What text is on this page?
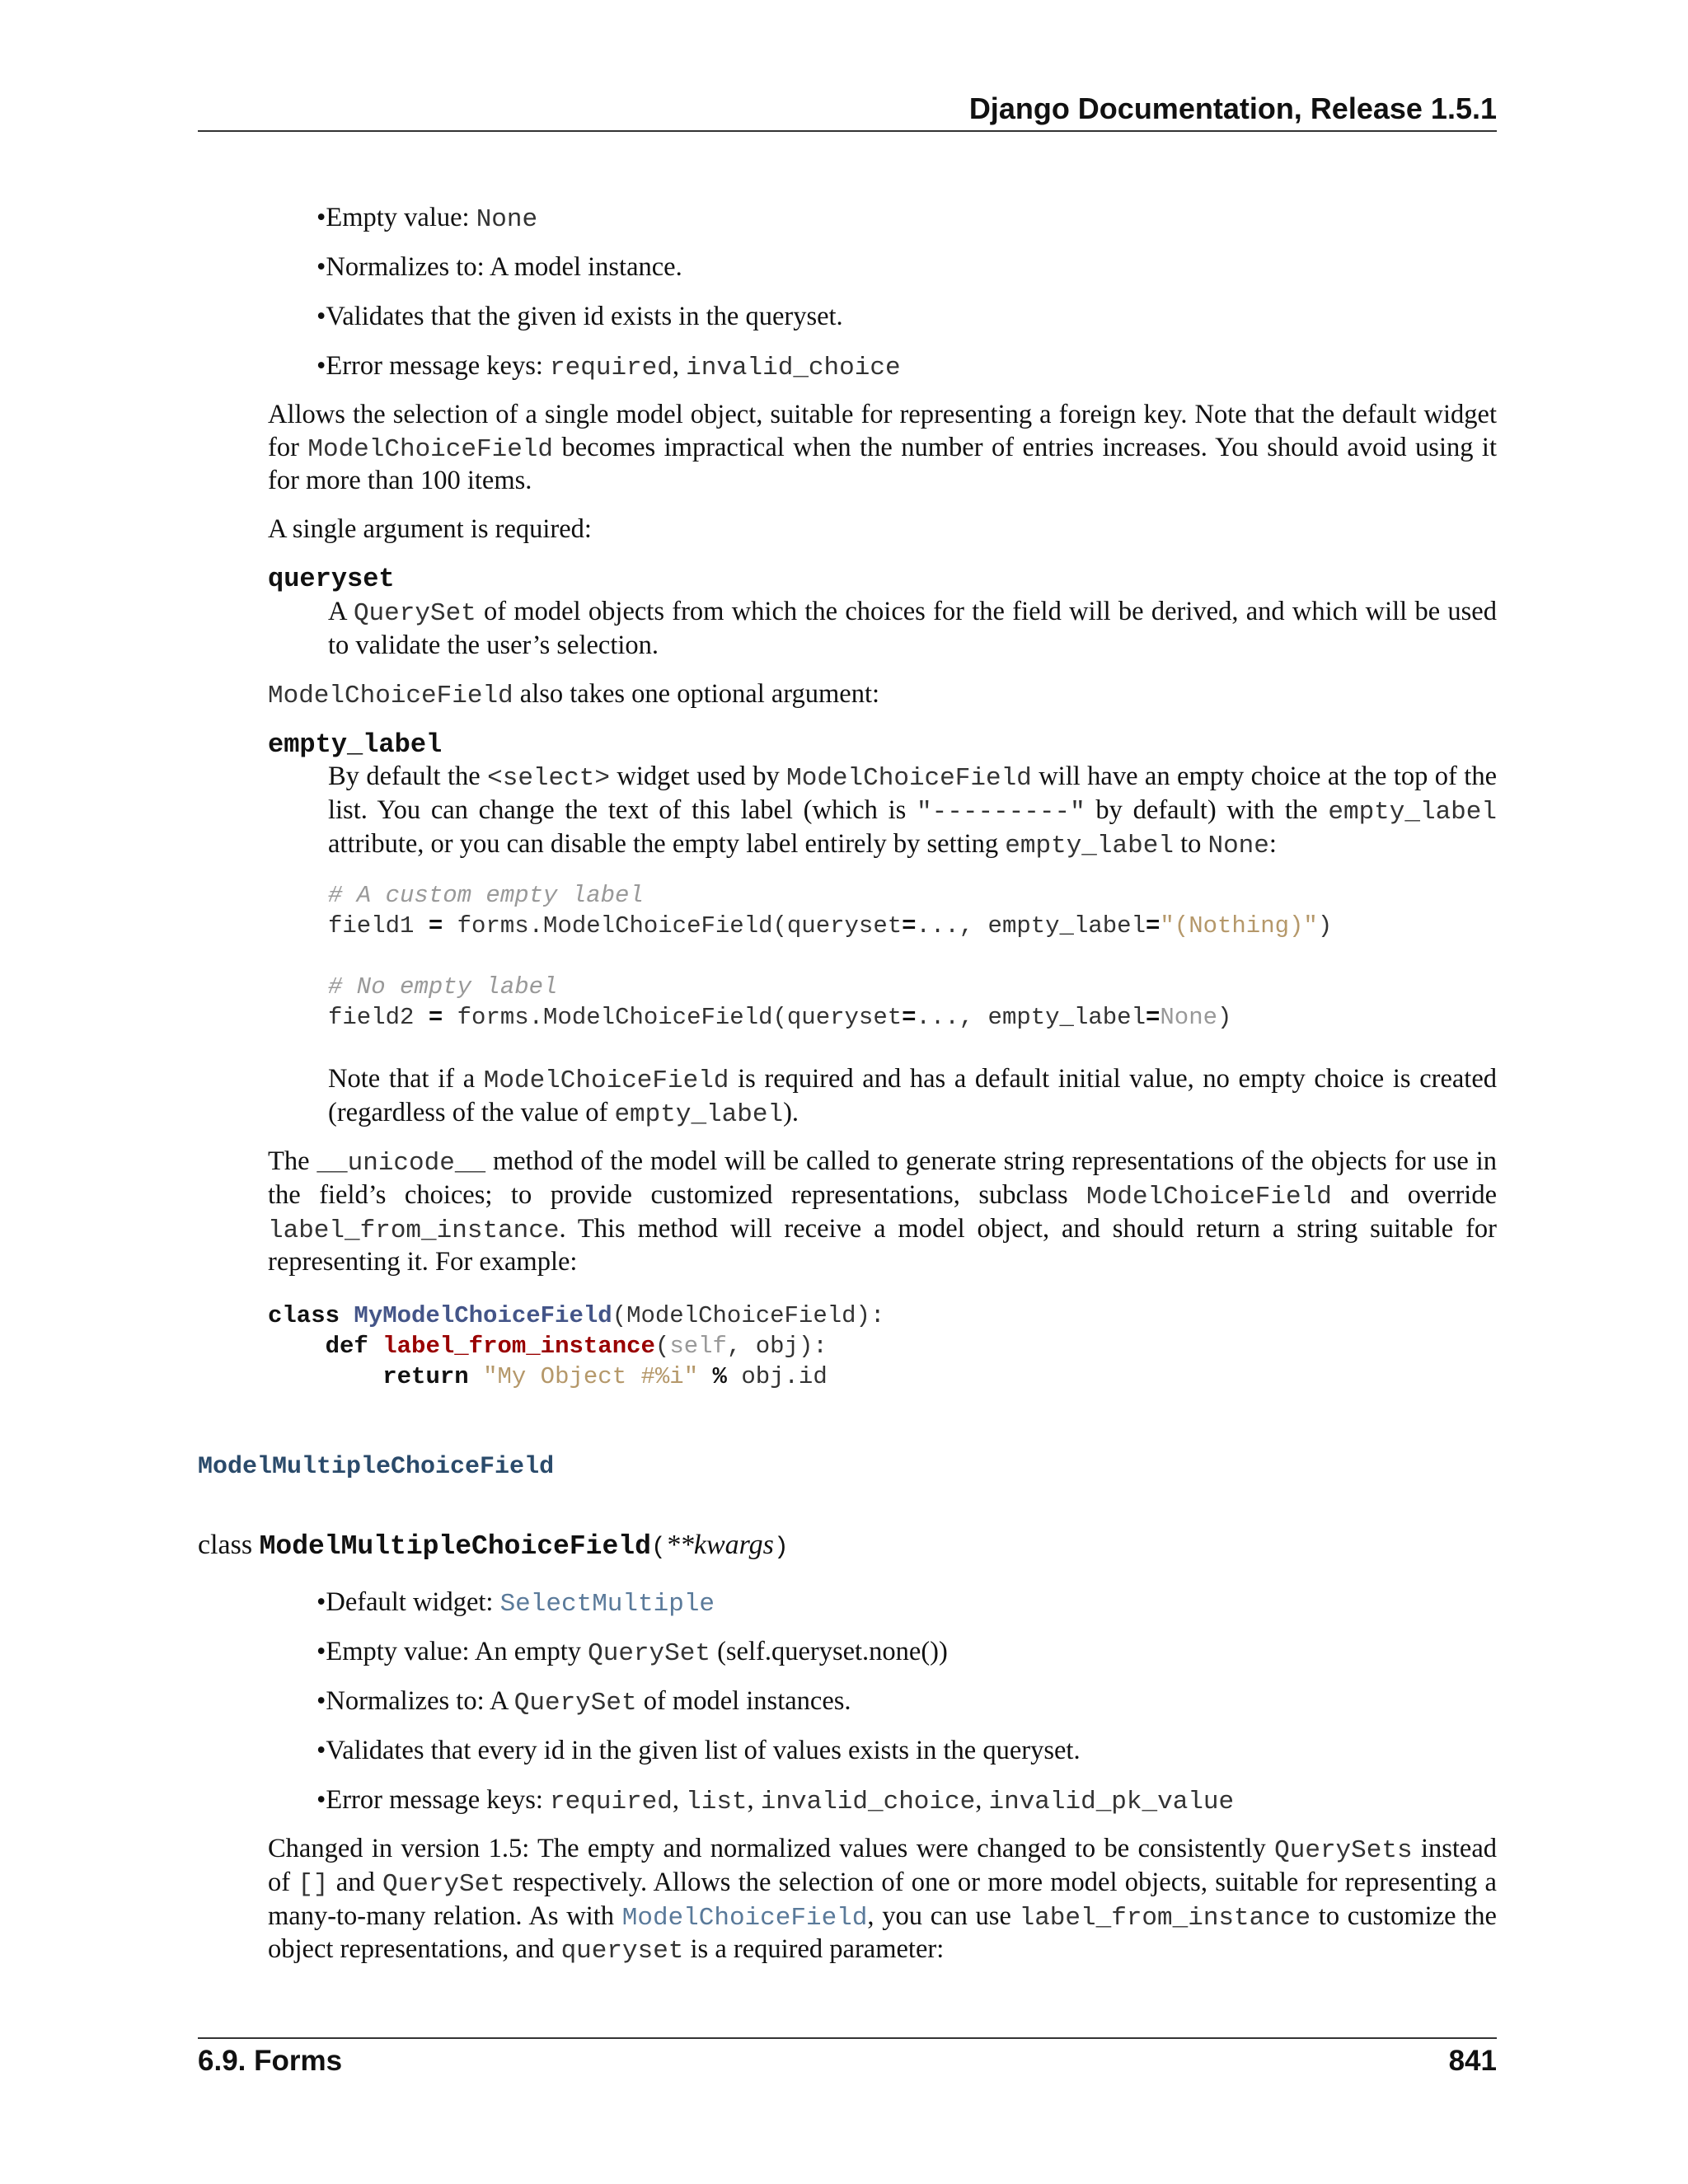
Django Documentation, Release 1.5.1
•Empty value: None
•Normalizes to: A model instance.
•Validates that the given id exists in the queryset.
•Error message keys: required, invalid_choice
Allows the selection of a single model object, suitable for representing a foreign key. Note that the default widget for ModelChoiceField becomes impractical when the number of entries increases. You should avoid using it for more than 100 items.
A single argument is required:
queryset
A QuerySet of model objects from which the choices for the field will be derived, and which will be used to validate the user’s selection.
ModelChoiceField also takes one optional argument:
empty_label
By default the <select> widget used by ModelChoiceField will have an empty choice at the top of the list. You can change the text of this label (which is "---------" by default) with the empty_label attribute, or you can disable the empty label entirely by setting empty_label to None:
# A custom empty label
field1 = forms.ModelChoiceField(queryset=..., empty_label="(Nothing)")

# No empty label
field2 = forms.ModelChoiceField(queryset=..., empty_label=None)
Note that if a ModelChoiceField is required and has a default initial value, no empty choice is created (regardless of the value of empty_label).
The __unicode__ method of the model will be called to generate string representations of the objects for use in the field’s choices; to provide customized representations, subclass ModelChoiceField and override label_from_instance. This method will receive a model object, and should return a string suitable for representing it. For example:
class MyModelChoiceField(ModelChoiceField):
def label_from_instance(self, obj):
return "My Object #%i" % obj.id
ModelMultipleChoiceField
class ModelMultipleChoiceField(**kwargs)
•Default widget: SelectMultiple
•Empty value: An empty QuerySet (self.queryset.none())
•Normalizes to: A QuerySet of model instances.
•Validates that every id in the given list of values exists in the queryset.
•Error message keys: required, list, invalid_choice, invalid_pk_value
Changed in version 1.5: The empty and normalized values were changed to be consistently QuerySets instead of [] and QuerySet respectively. Allows the selection of one or more model objects, suitable for representing a many-to-many relation. As with ModelChoiceField, you can use label_from_instance to customize the object representations, and queryset is a required parameter:
6.9. Forms	841
